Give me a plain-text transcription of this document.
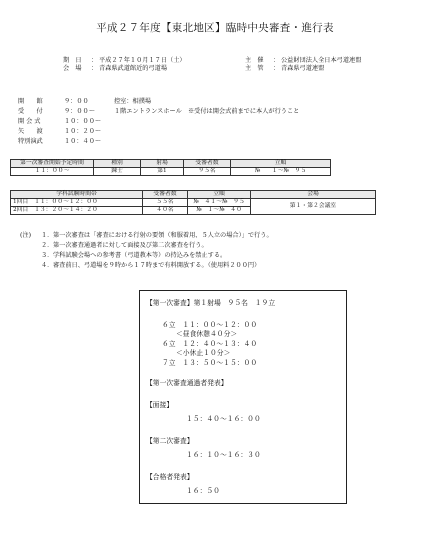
平成２７年度【東北地区】臨時中央審査・進行表
期　日	： 平成２７年１０月１７日（土）
会　場	： 青森県武道館近的弓道場
主　催	： 公益財団法人全日本弓道連盟
主　管	： 青森県弓道連盟
開　　館	９：００	控室：相撲場
受　　付	９：００〜	１階エントランスホール　※受付は開会式前までに本人が行うこと
開 会 式	１０：００〜
矢　　渡	１０：２０〜
特別演武	１０：４０〜
第一次審査開始予定時間	種別	射場	受審者数	立順
１１：００〜	錬士	第1	９５名	№　　１〜№　９５
学科試験時間帯	受審者数	立順	会場
1回目　１１：００〜１２：００	５５名	№　４１〜№　９５	第１・第２会議室
2回目　１３：２０〜１４：２０	４０名	№　１〜№　４０	
(注)	１． 第一次審査は「審査における行射の要領（和服着用、５人立の場合）」で行う。
２． 第一次審査通過者に対して面接及び第二次審査を行う。
３． 学科試験会場への参考書（弓道教本等）の持込みを禁止する。
４． 審査前日、弓道場を９時から１７時まで有料開放する。（使用料２００円）
【第一次審査】第１射場　９５名　１９立
６立　１１：００〜１２：００
＜昼食休憩４０分＞
６立　１２：４０〜１３：４０
＜小休止１０分＞
７立　１３：５０〜１５：００
【第一次審査通過者発表】
【面接】
１５：４０〜１６：００
【第二次審査】
１６：１０〜１６：３０
【合格者発表】
１６：５０
